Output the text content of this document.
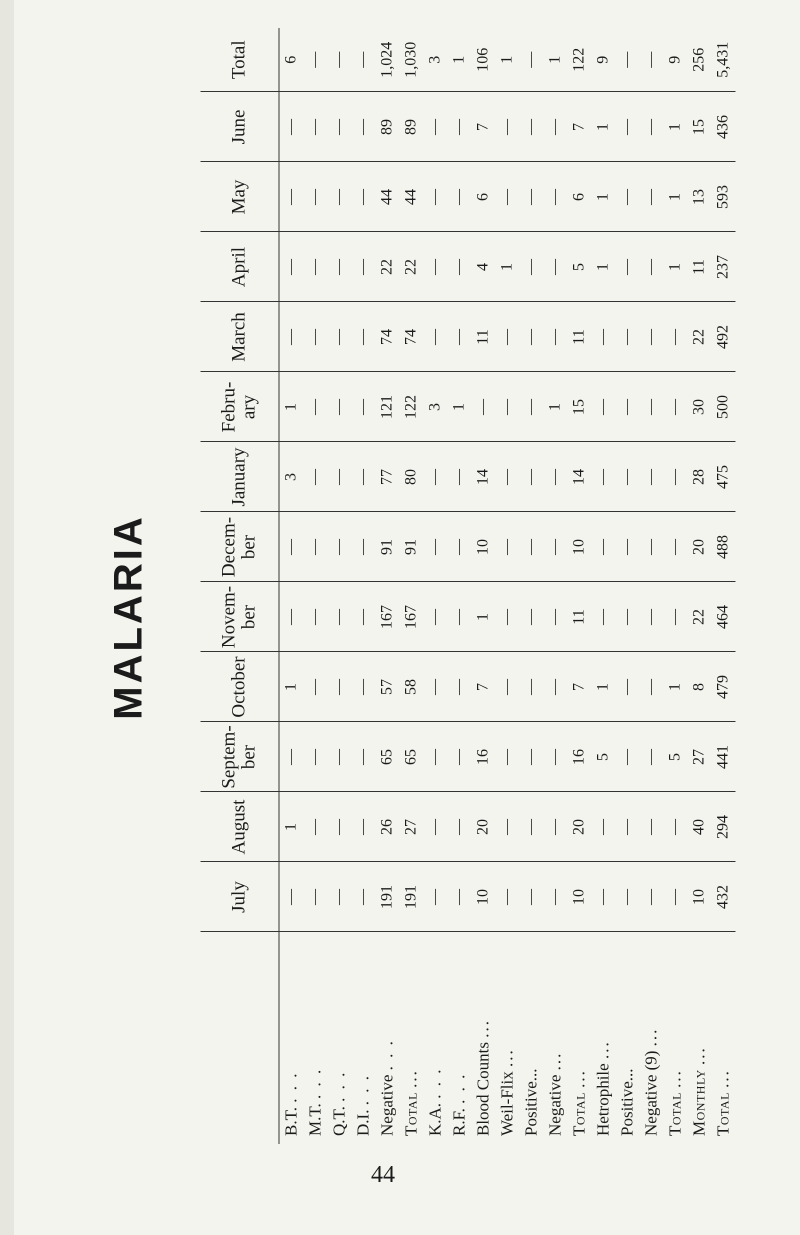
MALARIA
	July	August	Septem-ber	October	Novem-ber	Decem-ber	January	Febru-ary	March	April	May	June	Total
B.T. . . .	—	1	—	1	—	—	3	1	—	—	—	—	6
M.T. . . .	—	—	—	—	—	—	—	—	—	—	—	—	—
Q.T. . . .	—	—	—	—	—	—	—	—	—	—	—	—	—
D.I. . . .	—	—	—	—	—	—	—	—	—	—	—	—	—
Negative . . .	191	26	65	57	167	91	77	121	74	22	44	89	1,024
Total ...	191	27	65	58	167	91	80	122	74	22	44	89	1,030
K.A. . . .	—	—	—	—	—	—	—	3	—	—	—	—	3
R.F. . . .	—	—	—	—	—	—	—	1	—	—	—	—	1
Blood Counts ...	10	20	16	7	1	10	14	—	11	4	6	7	106
Weil-Flix ...	—	—	—	—	—	—	—	—	—	1	—	—	1
Positive...	—	—	—	—	—	—	—	—	—	—	—	—	—
Negative ...	—	—	—	—	—	—	—	1	—	—	—	—	1
Total ...	10	20	16	7	11	10	14	15	11	5	6	7	122
Hetrophile ...	—	—	5	1	—	—	—	—	—	1	1	1	9
Positive...	—	—	—	—	—	—	—	—	—	—	—	—	—
Negative (9) ...	—	—	—	—	—	—	—	—	—	—	—	—	—
Total ...	—	—	5	1	—	—	—	—	—	1	1	1	9
Monthly ...	10	40	27	8	22	20	28	30	22	11	13	15	256
Total ...	432	294	441	479	464	488	475	500	492	237	593	436	5,431
44
